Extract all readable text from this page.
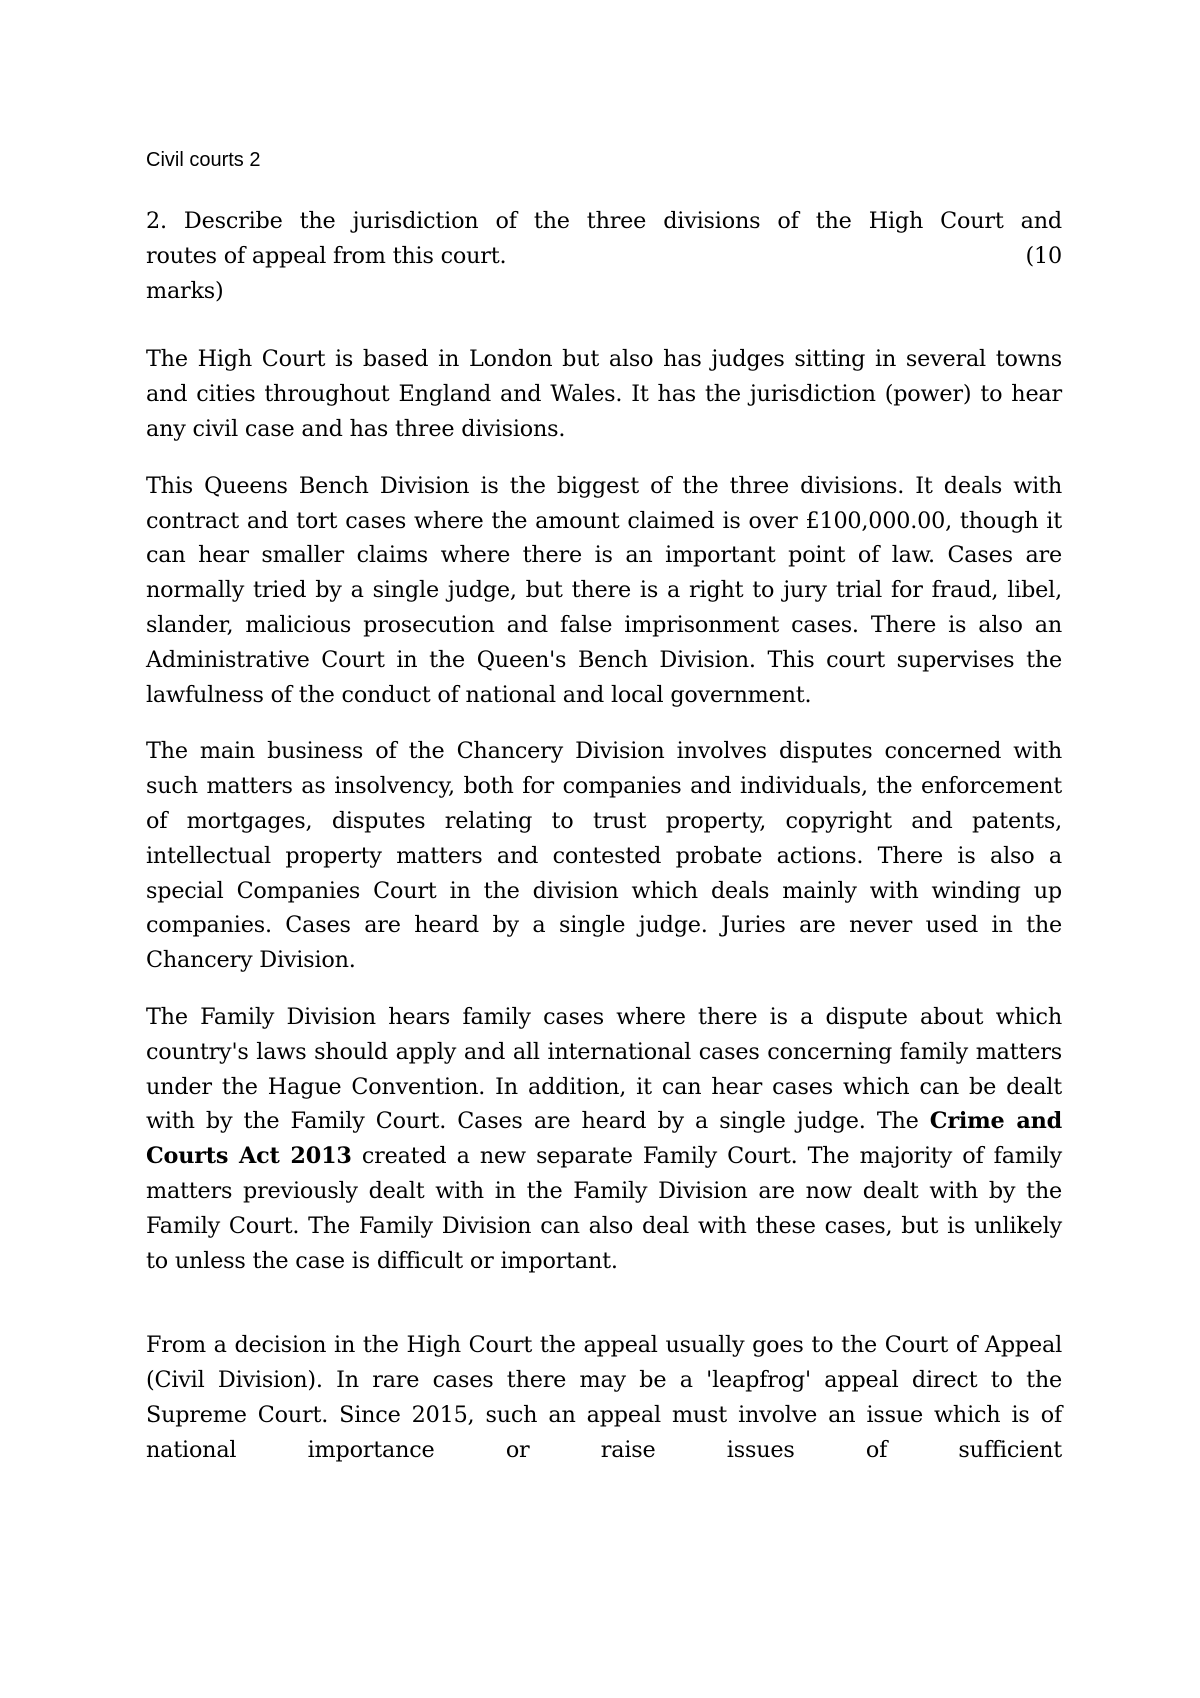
Civil courts 2
2. Describe the jurisdiction of the three divisions of the High Court and
routes of appeal from this court.	(10
marks)

The High Court is based in London but also has judges sitting in several towns and cities throughout England and Wales. It has the jurisdiction (power) to hear any civil case and has three divisions.

This Queens Bench Division is the biggest of the three divisions. It deals with contract and tort cases where the amount claimed is over £100,000.00, though it can hear smaller claims where there is an important point of law. Cases are normally tried by a single judge, but there is a right to jury trial for fraud, libel, slander, malicious prosecution and false imprisonment cases. There is also an Administrative Court in the Queen's Bench Division. This court supervises the lawfulness of the conduct of national and local government.

The main business of the Chancery Division involves disputes concerned with such matters as insolvency, both for companies and individuals, the enforcement of mortgages, disputes relating to trust property, copyright and patents, intellectual property matters and contested probate actions. There is also a special Companies Court in the division which deals mainly with winding up companies. Cases are heard by a single judge. Juries are never used in the Chancery Division.

The Family Division hears family cases where there is a dispute about which country's laws should apply and all international cases concerning family matters under the Hague Convention. In addition, it can hear cases which can be dealt with by the Family Court. Cases are heard by a single judge. The Crime and Courts Act 2013 created a new separate Family Court. The majority of family matters previously dealt with in the Family Division are now dealt with by the Family Court. The Family Division can also deal with these cases, but is unlikely to unless the case is difficult or important.

From a decision in the High Court the appeal usually goes to the Court of Appeal (Civil Division). In rare cases there may be a 'leapfrog' appeal direct to the Supreme Court. Since 2015, such an appeal must involve an issue which is of national importance or raise issues of sufficient
